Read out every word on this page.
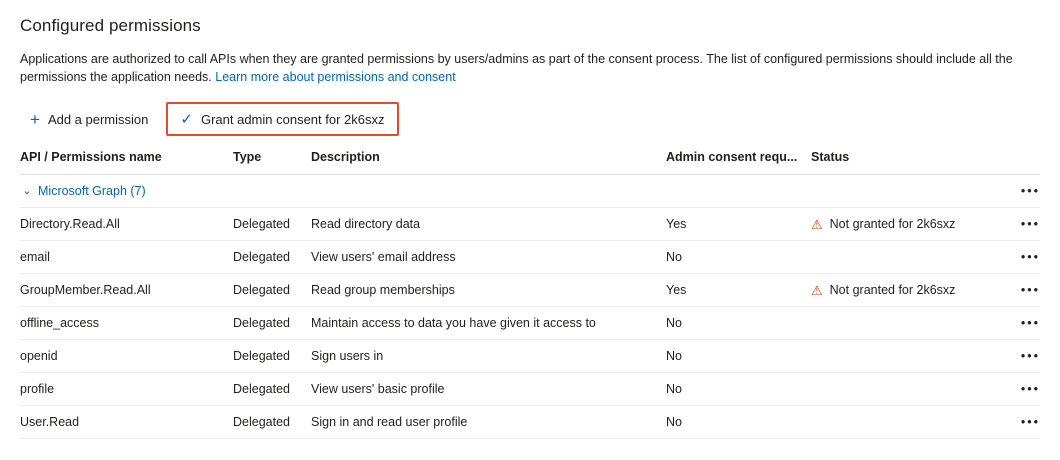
Configured permissions
Applications are authorized to call APIs when they are granted permissions by users/admins as part of the consent process. The list of configured permissions should include all the permissions the application needs. Learn more about permissions and consent
+ Add a permission ✓ Grant admin consent for 2k6sxz
API / Permissions name	Type	Description	Admin consent requ...	Status	

⌄ Microsoft Graph (7)					•••
Directory.Read.All	Delegated	Read directory data	Yes	⚠ Not granted for 2k6sxz	•••
email	Delegated	View users' email address	No		•••
GroupMember.Read.All	Delegated	Read group memberships	Yes	⚠ Not granted for 2k6sxz	•••
offline_access	Delegated	Maintain access to data you have given it access to	No		•••
openid	Delegated	Sign users in	No		•••
profile	Delegated	View users' basic profile	No		•••
User.Read	Delegated	Sign in and read user profile	No		•••
